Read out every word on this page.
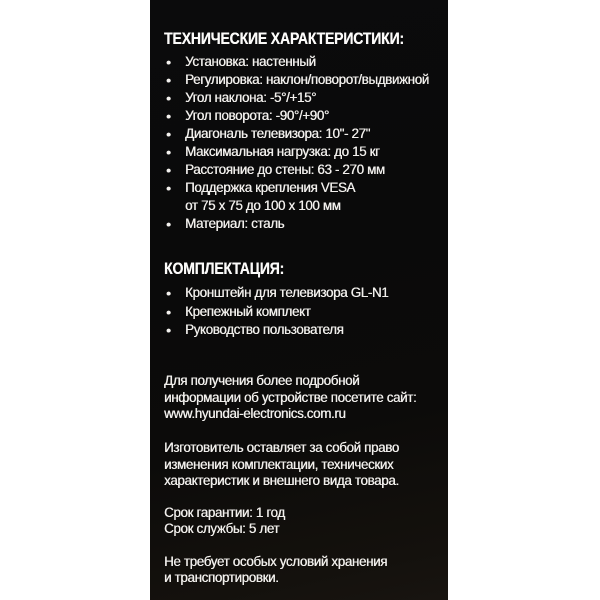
ТЕХНИЧЕСКИЕ ХАРАКТЕРИСТИКИ:
• Установка: настенный
• Регулировка: наклон/поворот/выдвижной
• Угол наклона: -5°/+15°
• Угол поворота: -90°/+90°
• Диагональ телевизора: 10"- 27"
• Максимальная нагрузка: до 15 кг
• Расстояние до стены: 63 - 270 мм
• Поддержка крепления VESA
от 75 х 75 до 100 х 100 мм
• Материал: сталь
КОМПЛЕКТАЦИЯ:
• Кронштейн для телевизора GL-N1
• Крепежный комплект
• Руководство пользователя
Для получения более подробной
информации об устройстве посетите сайт:
www.hyundai-electronics.com.ru
Изготовитель оставляет за собой право
изменения комплектации, технических
характеристик и внешнего вида товара.
Срок гарантии: 1 год
Срок службы: 5 лет
Не требует особых условий хранения
и транспортировки.
